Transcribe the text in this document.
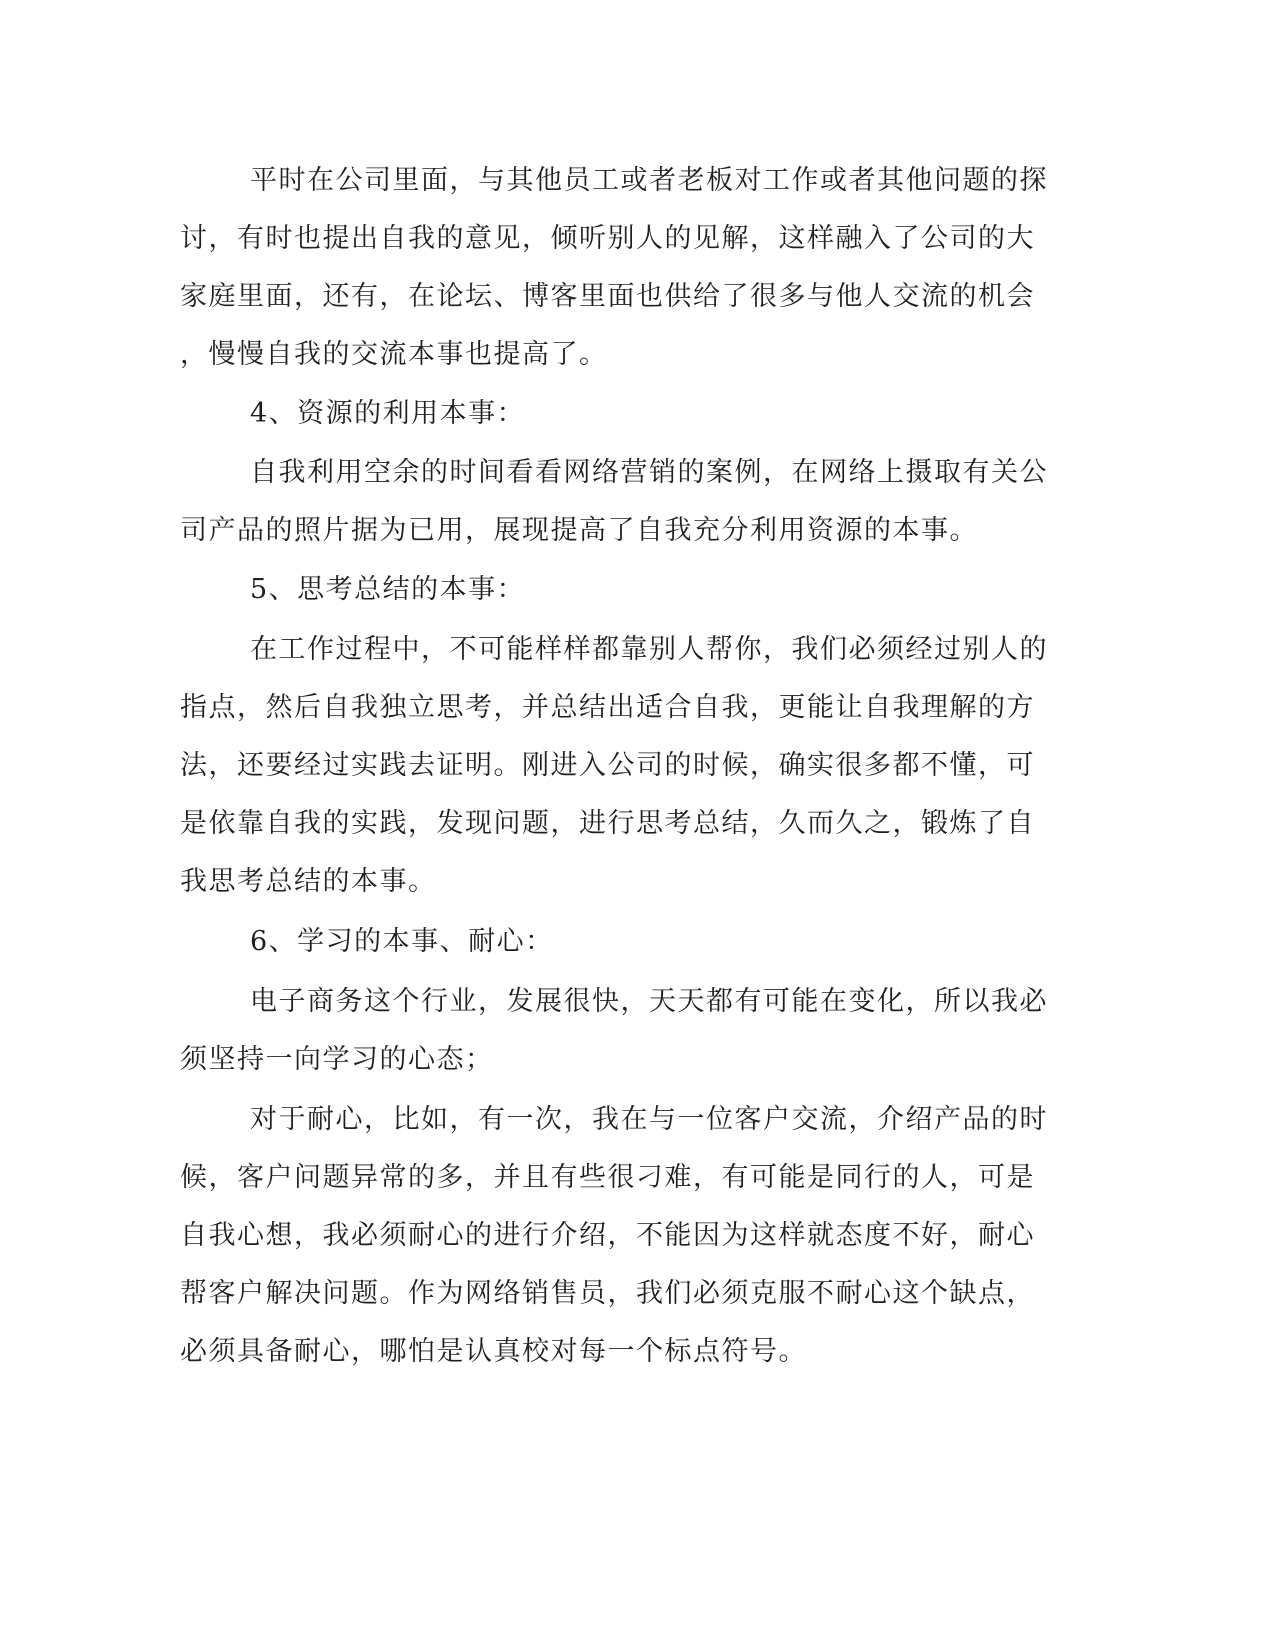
平时在公司里面，与其他员工或者老板对工作或者其他问题的探
讨，有时也提出自我的意见，倾听别人的见解，这样融入了公司的大
家庭里面，还有，在论坛、博客里面也供给了很多与他人交流的机会
，慢慢自我的交流本事也提高了。
4、资源的利用本事：
自我利用空余的时间看看网络营销的案例，在网络上摄取有关公
司产品的照片据为已用，展现提高了自我充分利用资源的本事。
5、思考总结的本事：
在工作过程中，不可能样样都靠别人帮你，我们必须经过别人的
指点，然后自我独立思考，并总结出适合自我，更能让自我理解的方
法，还要经过实践去证明。刚进入公司的时候，确实很多都不懂，可
是依靠自我的实践，发现问题，进行思考总结，久而久之，锻炼了自
我思考总结的本事。
6、学习的本事、耐心：
电子商务这个行业，发展很快，天天都有可能在变化，所以我必
须坚持一向学习的心态；
对于耐心，比如，有一次，我在与一位客户交流，介绍产品的时
候，客户问题异常的多，并且有些很刁难，有可能是同行的人，可是
自我心想，我必须耐心的进行介绍，不能因为这样就态度不好，耐心
帮客户解决问题。作为网络销售员，我们必须克服不耐心这个缺点，
必须具备耐心，哪怕是认真校对每一个标点符号。
